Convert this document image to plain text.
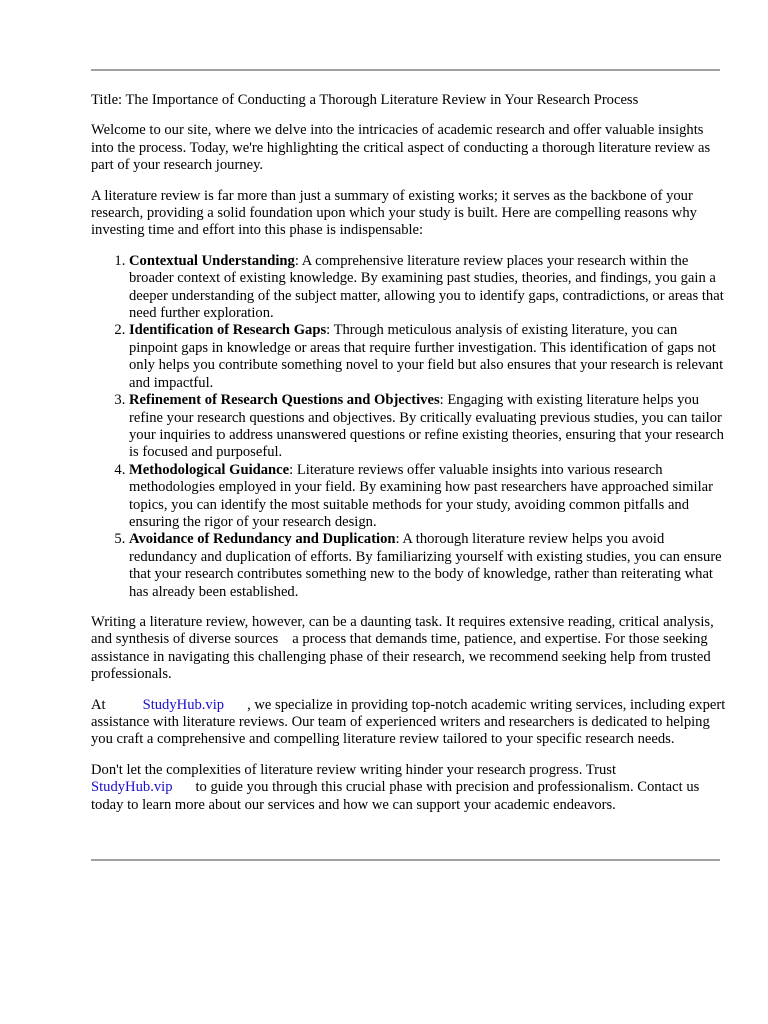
Title: The Importance of Conducting a Thorough Literature Review in Your Research Process

Welcome to our site, where we delve into the intricacies of academic research and offer valuable insights into the process. Today, we're highlighting the critical aspect of conducting a thorough literature review as part of your research journey.

A literature review is far more than just a summary of existing works; it serves as the backbone of your research, providing a solid foundation upon which your study is built. Here are compelling reasons why investing time and effort into this phase is indispensable:

1. Contextual Understanding: A comprehensive literature review places your research within the broader context of existing knowledge. By examining past studies, theories, and findings, you gain a deeper understanding of the subject matter, allowing you to identify gaps, contradictions, or areas that need further exploration.
2. Identification of Research Gaps: Through meticulous analysis of existing literature, you can pinpoint gaps in knowledge or areas that require further investigation. This identification of gaps not only helps you contribute something novel to your field but also ensures that your research is relevant and impactful.
3. Refinement of Research Questions and Objectives: Engaging with existing literature helps you refine your research questions and objectives. By critically evaluating previous studies, you can tailor your inquiries to address unanswered questions or refine existing theories, ensuring that your research is focused and purposeful.
4. Methodological Guidance: Literature reviews offer valuable insights into various research methodologies employed in your field. By examining how past researchers have approached similar topics, you can identify the most suitable methods for your study, avoiding common pitfalls and ensuring the rigor of your research design.
5. Avoidance of Redundancy and Duplication: A thorough literature review helps you avoid redundancy and duplication of efforts. By familiarizing yourself with existing studies, you can ensure that your research contributes something new to the body of knowledge, rather than reiterating what has already been established.

Writing a literature review, however, can be a daunting task. It requires extensive reading, critical analysis, and synthesis of diverse sources a process that demands time, patience, and expertise. For those seeking assistance in navigating this challenging phase of their research, we recommend seeking help from trusted professionals.

At	StudyHub.vip , we specialize in providing top-notch academic writing services, including expert assistance with literature reviews. Our team of experienced writers and researchers is dedicated to helping you craft a comprehensive and compelling literature review tailored to your specific research needs.

Don't let the complexities of literature review writing hinder your research progress. Trust
StudyHub.vip to guide you through this crucial phase with precision and professionalism. Contact us today to learn more about our services and how we can support your academic endeavors.
